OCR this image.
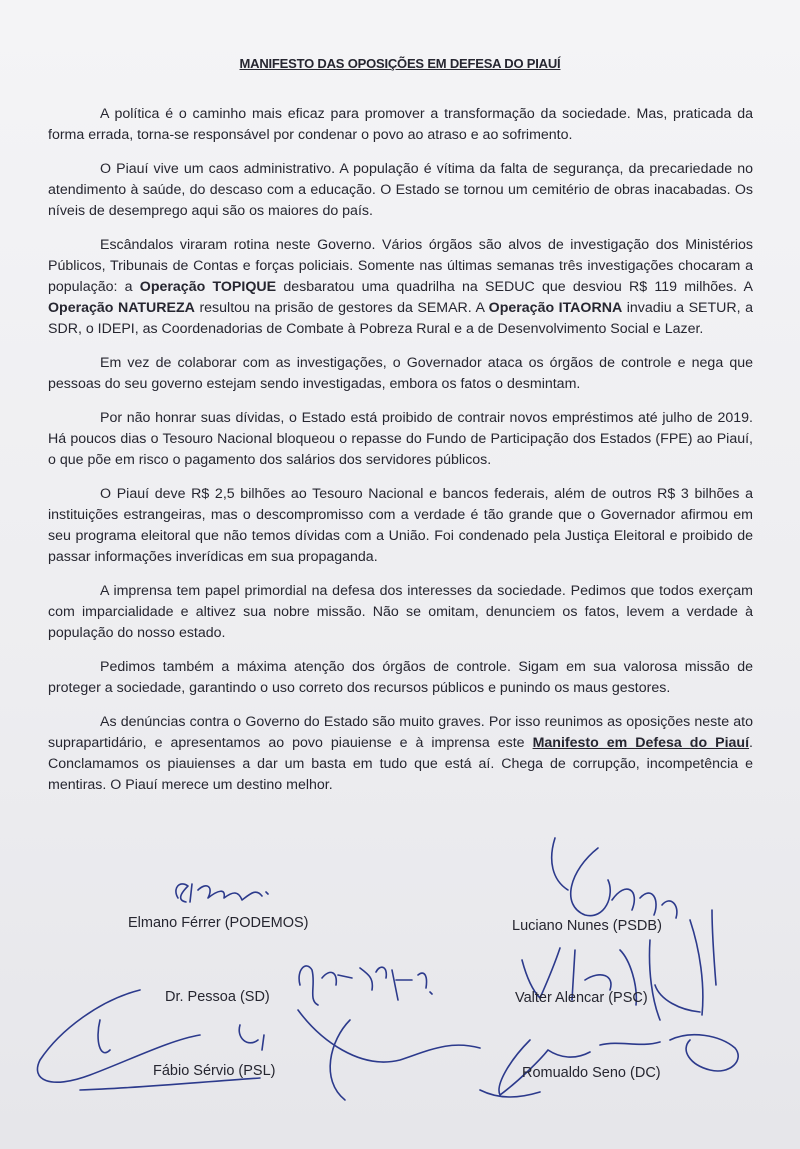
MANIFESTO DAS OPOSIÇÕES EM DEFESA DO PIAUÍ

A política é o caminho mais eficaz para promover a transformação da sociedade. Mas, praticada da forma errada, torna-se responsável por condenar o povo ao atraso e ao sofrimento.

O Piauí vive um caos administrativo. A população é vítima da falta de segurança, da precariedade no atendimento à saúde, do descaso com a educação. O Estado se tornou um cemitério de obras inacabadas. Os níveis de desemprego aqui são os maiores do país.

Escândalos viraram rotina neste Governo. Vários órgãos são alvos de investigação dos Ministérios Públicos, Tribunais de Contas e forças policiais. Somente nas últimas semanas três investigações chocaram a população: a Operação TOPIQUE desbaratou uma quadrilha na SEDUC que desviou R$ 119 milhões. A Operação NATUREZA resultou na prisão de gestores da SEMAR. A Operação ITAORNA invadiu a SETUR, a SDR, o IDEPI, as Coordenadorias de Combate à Pobreza Rural e a de Desenvolvimento Social e Lazer.

Em vez de colaborar com as investigações, o Governador ataca os órgãos de controle e nega que pessoas do seu governo estejam sendo investigadas, embora os fatos o desmintam.

Por não honrar suas dívidas, o Estado está proibido de contrair novos empréstimos até julho de 2019. Há poucos dias o Tesouro Nacional bloqueou o repasse do Fundo de Participação dos Estados (FPE) ao Piauí, o que põe em risco o pagamento dos salários dos servidores públicos.

O Piauí deve R$ 2,5 bilhões ao Tesouro Nacional e bancos federais, além de outros R$ 3 bilhões a instituições estrangeiras, mas o descompromisso com a verdade é tão grande que o Governador afirmou em seu programa eleitoral que não temos dívidas com a União. Foi condenado pela Justiça Eleitoral e proibido de passar informações inverídicas em sua propaganda.

A imprensa tem papel primordial na defesa dos interesses da sociedade. Pedimos que todos exerçam com imparcialidade e altivez sua nobre missão. Não se omitam, denunciem os fatos, levem a verdade à população do nosso estado.

Pedimos também a máxima atenção dos órgãos de controle. Sigam em sua valorosa missão de proteger a sociedade, garantindo o uso correto dos recursos públicos e punindo os maus gestores.

As denúncias contra o Governo do Estado são muito graves. Por isso reunimos as oposições neste ato suprapartidário, e apresentamos ao povo piauiense e à imprensa este Manifesto em Defesa do Piauí. Conclamamos os piauienses a dar um basta em tudo que está aí. Chega de corrupção, incompetência e mentiras. O Piauí merece um destino melhor.

Elmano Férrer (PODEMOS)	Luciano Nunes (PSDB)
Dr. Pessoa (SD)	Valter Alencar (PSC)
Fábio Sérvio (PSL)	Romualdo Seno (DC)
